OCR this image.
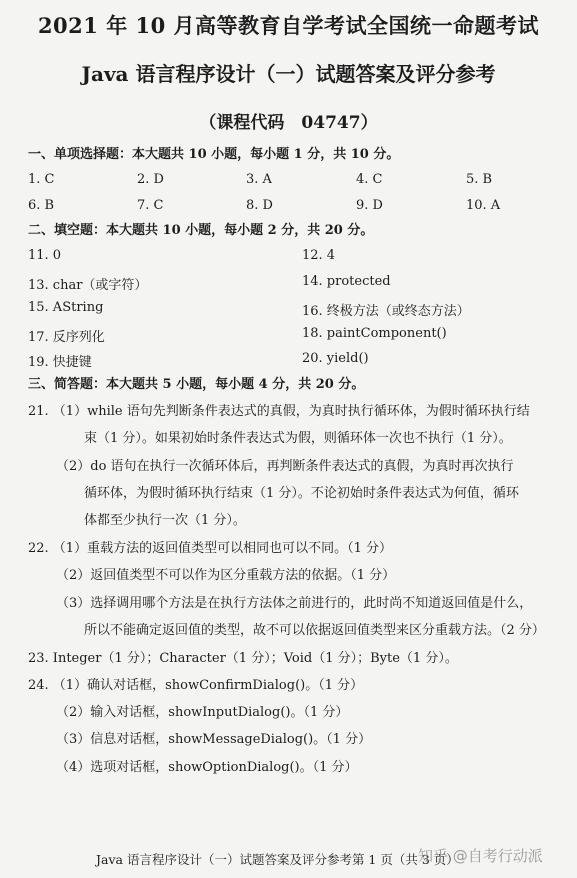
2021 年 10 月高等教育自学考试全国统一命题考试
Java 语言程序设计（一）试题答案及评分参考
（课程代码　04747）
一、单项选择题：本大题共 10 小题，每小题 1 分，共 10 分。
1. C	2. D	3. A	4. C	5. B
6. B	7. C	8. D	9. D	10. A
二、填空题：本大题共 10 小题，每小题 2 分，共 20 分。
11. 0	12. 4
13. char（或字符）	14. protected
15. AString	16. 终极方法（或终态方法）
17. 反序列化	18. paintComponent()
19. 快捷键	20. yield()
三、简答题：本大题共 5 小题，每小题 4 分，共 20 分。
21. （1）while 语句先判断条件表达式的真假，为真时执行循环体，为假时循环执行结
束（1 分）。如果初始时条件表达式为假，则循环体一次也不执行（1 分）。
（2）do 语句在执行一次循环体后，再判断条件表达式的真假，为真时再次执行
循环体，为假时循环执行结束（1 分）。不论初始时条件表达式为何值，循环
体都至少执行一次（1 分）。
22. （1）重载方法的返回值类型可以相同也可以不同。（1 分）
（2）返回值类型不可以作为区分重载方法的依据。（1 分）
（3）选择调用哪个方法是在执行方法体之前进行的，此时尚不知道返回值是什么，
所以不能确定返回值的类型，故不可以依据返回值类型来区分重载方法。（2 分）
23. Integer（1 分）；Character（1 分）；Void（1 分）；Byte（1 分）。
24. （1）确认对话框，showConfirmDialog()。（1 分）
（2）输入对话框，showInputDialog()。（1 分）
（3）信息对话框，showMessageDialog()。（1 分）
（4）选项对话框，showOptionDialog()。（1 分）
Java 语言程序设计（一）试题答案及评分参考第 1 页（共 3 页）
知乎 @自考行动派
